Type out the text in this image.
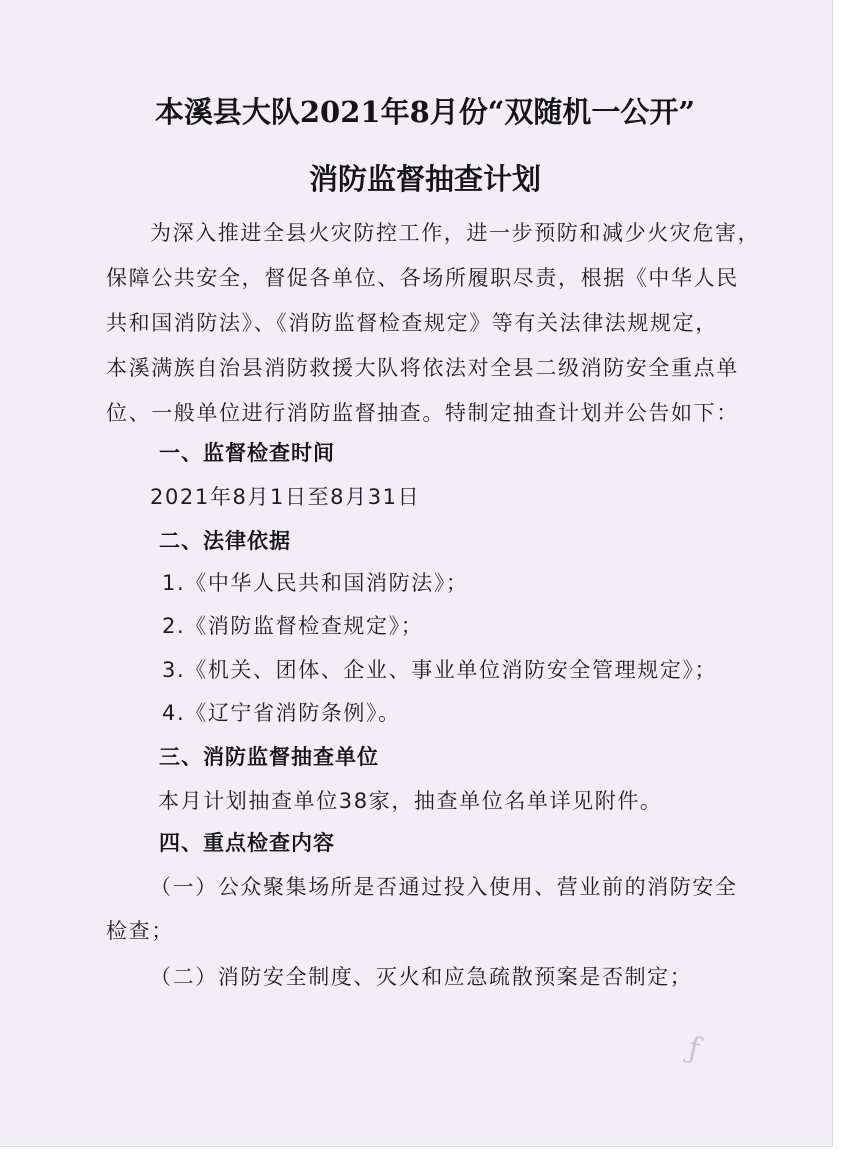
本溪县大队2021年8月份“双随机一公开”
消防监督抽查计划
为深入推进全县火灾防控工作，进一步预防和减少火灾危害，
保障公共安全，督促各单位、各场所履职尽责，根据《中华人民
共和国消防法》、《消防监督检查规定》等有关法律法规规定，
本溪满族自治县消防救援大队将依法对全县二级消防安全重点单
位、一般单位进行消防监督抽查。特制定抽查计划并公告如下：
一、监督检查时间
2021年8月1日至8月31日
二、法律依据
1.《中华人民共和国消防法》；
2.《消防监督检查规定》；
3.《机关、团体、企业、事业单位消防安全管理规定》；
4.《辽宁省消防条例》。
三、消防监督抽查单位
本月计划抽查单位38家，抽查单位名单详见附件。
四、重点检查内容
（一）公众聚集场所是否通过投入使用、营业前的消防安全
检查；
（二）消防安全制度、灭火和应急疏散预案是否制定；
ƒ
